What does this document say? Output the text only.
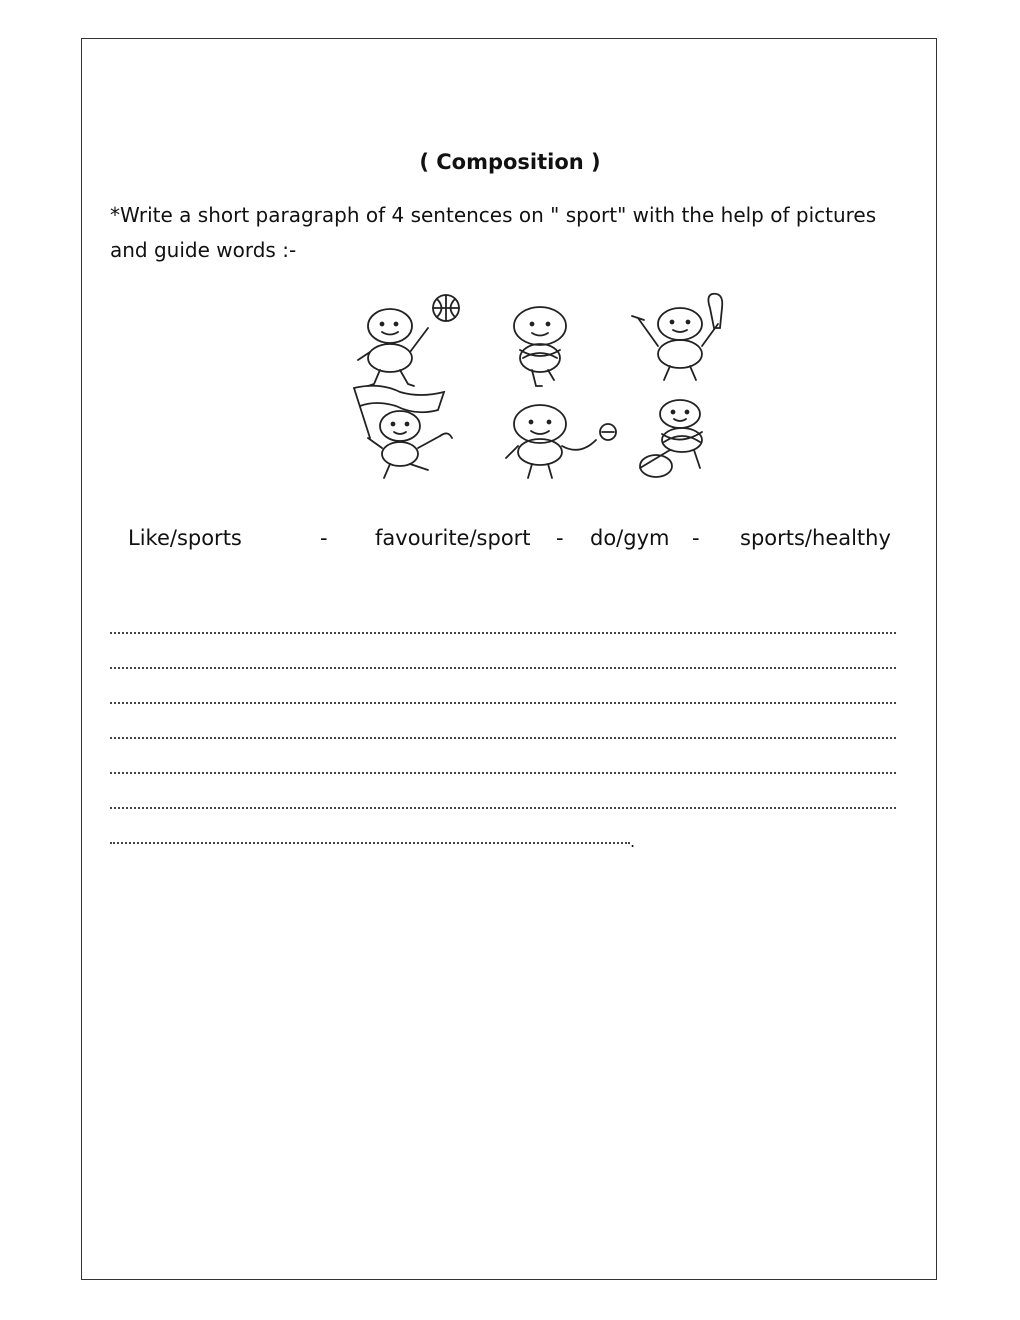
( Composition )
*Write a short paragraph of 4 sentences on " sport" with the help of pictures
and guide words :-
Like/sports	- favourite/sport - do/gym - sports/healthy
.
